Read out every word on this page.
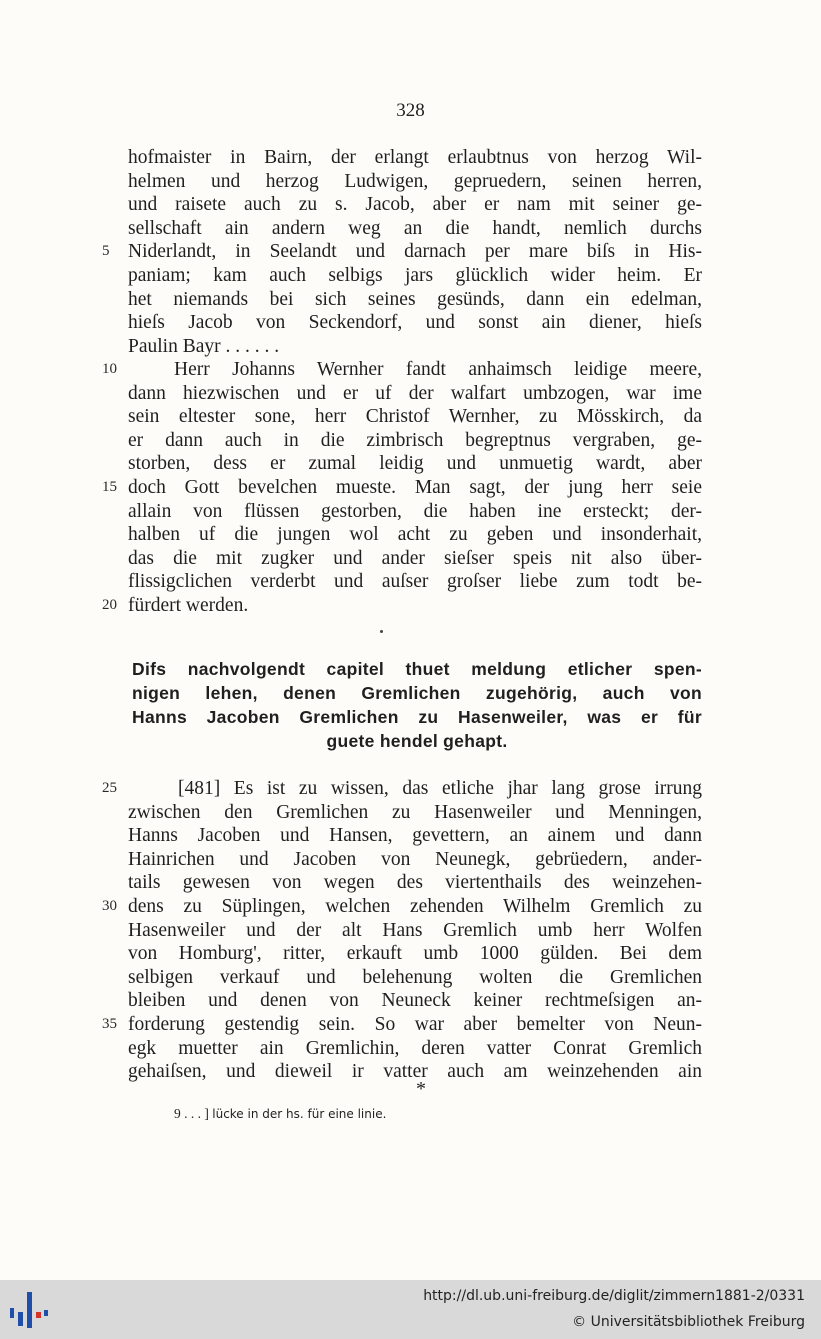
328
hofmaister in Bairn, der erlangt erlaubtnus von herzog Wil-
helmen und herzog Ludwigen, gepruedern, seinen herren,
und raisete auch zu s. Jacob, aber er nam mit seiner ge-
sellschaft ain andern weg an die handt, nemlich durchs
5 Niderlandt, in Seelandt und darnach per mare biſs in His-
paniam; kam auch selbigs jars glücklich wider heim. Er
het niemands bei sich seines gesünds, dann ein edelman,
hieſs Jacob von Seckendorf, und sonst ain diener, hieſs
Paulin Bayr . . . . . .
10	Herr Johanns Wernher fandt anhaimsch leidige meere,
dann hiezwischen und er uf der walfart umbzogen, war ime
sein eltester sone, herr Christof Wernher, zu Mösskirch, da
er dann auch in die zimbrisch begreptnus vergraben, ge-
storben, dess er zumal leidig und unmuetig wardt, aber
15 doch Gott bevelchen mueste. Man sagt, der jung herr seie
allain von flüssen gestorben, die haben ine ersteckt; der-
halben uf die jungen wol acht zu geben und insonderhait,
das die mit zugker und ander sieſser speis nit also über-
flissigclichen verderbt und auſser groſser liebe zum todt be-
20 fürdert werden.
Difs nachvolgendt capitel thuet meldung etlicher spen-
nigen lehen, denen Gremlichen zugehörig, auch von
Hanns Jacoben Gremlichen zu Hasenweiler, was er für
guete hendel gehapt.
25	[481] Es ist zu wissen, das etliche jhar lang grose irrung
zwischen den Gremlichen zu Hasenweiler und Menningen,
Hanns Jacoben und Hansen, gevettern, an ainem und dann
Hainrichen und Jacoben von Neunegk, gebrüedern, ander-
tails gewesen von wegen des viertenthails des weinzehen-
30 dens zu Süplingen, welchen zehenden Wilhelm Gremlich zu
Hasenweiler und der alt Hans Gremlich umb herr Wolfen
von Homburg', ritter, erkauft umb 1000 gülden. Bei dem
selbigen verkauf und belehenung wolten die Gremlichen
bleiben und denen von Neuneck keiner rechtmeſsigen an-
35 forderung gestendig sein. So war aber bemelter von Neun-
egk muetter ain Gremlichin, deren vatter Conrat Gremlich
gehaiſsen, und dieweil ir vatter auch am weinzehenden ain
*
9 . . . ] lücke in der hs. für eine linie.
http://dl.ub.uni-freiburg.de/diglit/zimmern1881-2/0331
© Universitätsbibliothek Freiburg
